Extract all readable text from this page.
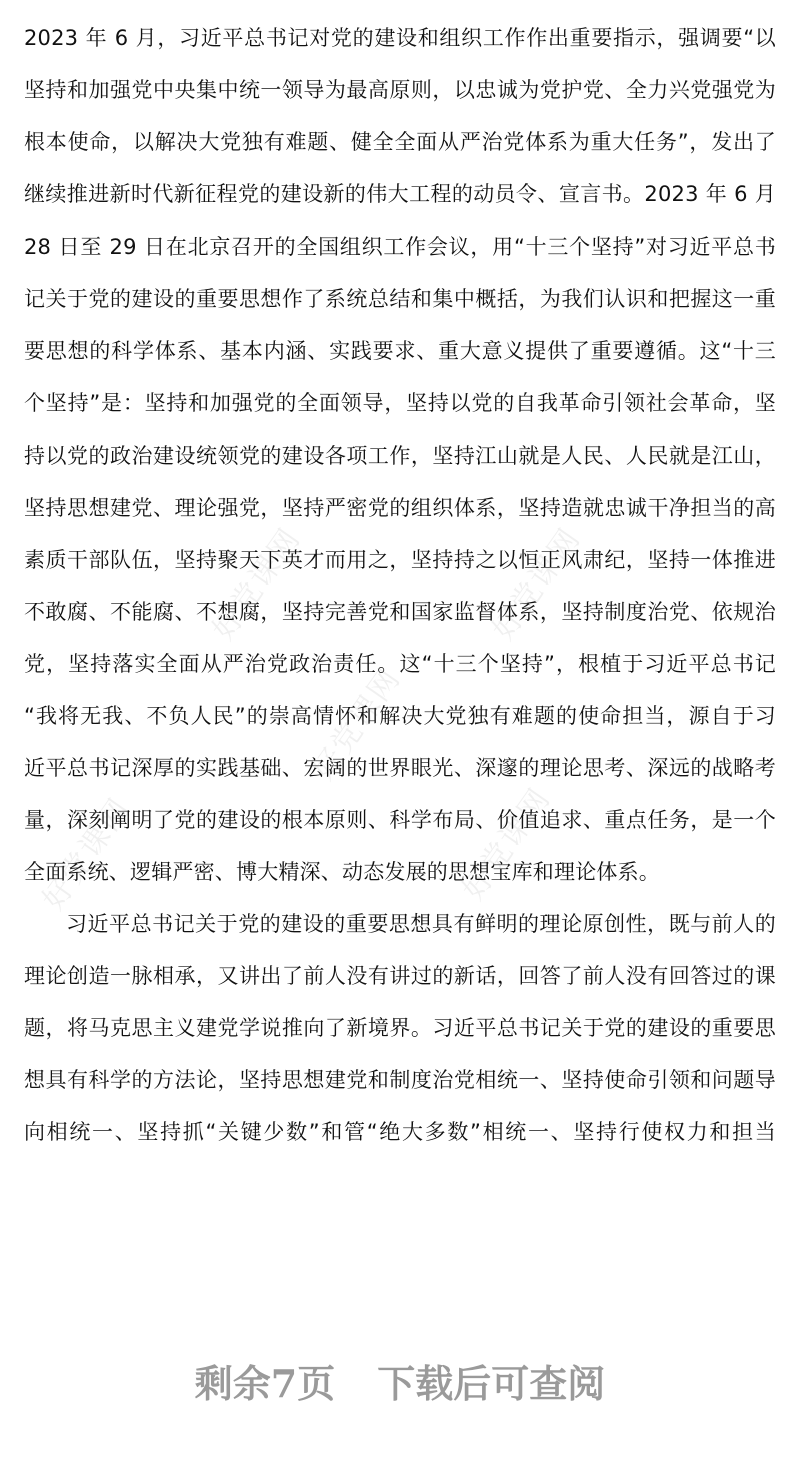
好党课网	好党课网
好党课网
好党课网	好党课网
2023 年 6 月，习近平总书记对党的建设和组织工作作出重要指示，强调要“以
坚持和加强党中央集中统一领导为最高原则，以忠诚为党护党、全力兴党强党为
根本使命，以解决大党独有难题、健全全面从严治党体系为重大任务”，发出了
继续推进新时代新征程党的建设新的伟大工程的动员令、宣言书。2023 年 6 月
28 日至 29 日在北京召开的全国组织工作会议，用“十三个坚持”对习近平总书
记关于党的建设的重要思想作了系统总结和集中概括，为我们认识和把握这一重
要思想的科学体系、基本内涵、实践要求、重大意义提供了重要遵循。这“十三
个坚持”是：坚持和加强党的全面领导，坚持以党的自我革命引领社会革命，坚
持以党的政治建设统领党的建设各项工作，坚持江山就是人民、人民就是江山，
坚持思想建党、理论强党，坚持严密党的组织体系，坚持造就忠诚干净担当的高
素质干部队伍，坚持聚天下英才而用之，坚持持之以恒正风肃纪，坚持一体推进
不敢腐、不能腐、不想腐，坚持完善党和国家监督体系，坚持制度治党、依规治
党，坚持落实全面从严治党政治责任。这“十三个坚持”，根植于习近平总书记
“我将无我、不负人民”的崇高情怀和解决大党独有难题的使命担当，源自于习
近平总书记深厚的实践基础、宏阔的世界眼光、深邃的理论思考、深远的战略考
量，深刻阐明了党的建设的根本原则、科学布局、价值追求、重点任务，是一个
全面系统、逻辑严密、博大精深、动态发展的思想宝库和理论体系。
习近平总书记关于党的建设的重要思想具有鲜明的理论原创性，既与前人的
理论创造一脉相承，又讲出了前人没有讲过的新话，回答了前人没有回答过的课
题，将马克思主义建党学说推向了新境界。习近平总书记关于党的建设的重要思
想具有科学的方法论，坚持思想建党和制度治党相统一、坚持使命引领和问题导
向相统一、坚持抓“关键少数”和管“绝大多数”相统一、坚持行使权力和担当
剩余7页 下载后可查阅
